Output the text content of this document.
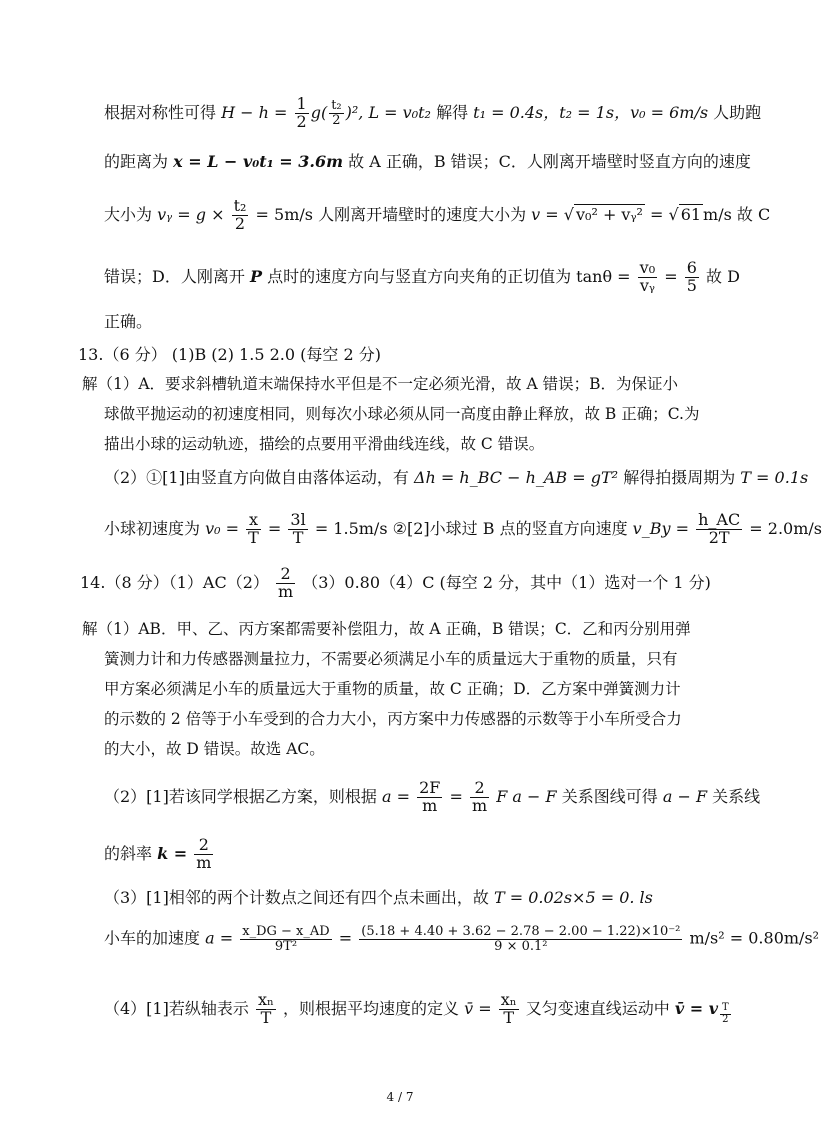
根据对称性可得 $H - h = \frac{1}{2} g( \frac{\text{t₂}}{2} )^2$, L = v₀t₂ 解得 t₁ = 0.4s，t₂ = 1s，v₀ = 6m/s 人助跑
的距离为 x = L − v₀t₁ = 3.6m 故 A 正确，B 错误；C．人刚离开墙壁时竖直方向的速度
大小为 vᵧ = $g \times \frac{\text{t₂}}{2} = 5m/s$ 人刚离开墙壁时的速度大小为 v = √ v₀² + vᵧ² = √ 61 m/s 故 C
错误；D．人刚离开 P 点时的速度方向与竖直方向夹角的正切值为 $\tan\theta = \frac{\text{v₀}}{\text{vᵧ}} = \frac{6}{5}$ 故 D
正确。
13.（6 分） (1)B (2) 1.5 2.0 (每空 2 分)
解（1）A．要求斜槽轨道末端保持水平但是不一定必须光滑，故 A 错误；B．为保证小
球做平抛运动的初速度相同，则每次小球必须从同一高度由静止释放，故 B 正确；C.为
描出小球的运动轨迹，描绘的点要用平滑曲线连线，故 C 错误。
（2）①[1]由竖直方向做自由落体运动，有 Δh = h_BC − h_AB = gT² 解得拍摄周期为 T = 0.1s
小球初速度为 $v_0 = \frac{x}{T} = \frac{3l}{T} = 1.5m/s$ ②[2]小球过 B 点的竖直方向速度 v_By = $\frac{h\_AC}{2T} = 2.0m/s$
14.（8 分）$(1)AC(2) \frac{2}{m} (3)0.80(4)C$ (每空 2 分，其中（1）选对一个 1 分)
解（1）AB．甲、乙、丙方案都需要补偿阻力，故 A 正确，B 错误；C．乙和丙分别用弹
簧测力计和力传感器测量拉力，不需要必须满足小车的质量远大于重物的质量，只有
甲方案必须满足小车的质量远大于重物的质量，故 C 正确；D．乙方案中弹簧测力计
的示数的 2 倍等于小车受到的合力大小，丙方案中力传感器的示数等于小车所受合力
的大小，故 D 错误。故选 AC。
（2）[1]若该同学根据乙方案，则根据 $a = \frac{2F}{m} = \frac{2}{m}$ F a − F 关系图线可得 a − F 关系线
的斜率 $k = \frac{2}{m}$
（3）[1]相邻的两个计数点之间还有四个点未画出，故 T = 0.02s×5 = 0. ls
小车的加速度 $a = \frac{x\_DG - x\_AD}{\text{9T²}} = \frac{\text{(5.18 + 4.40 + 3.62 − 2.78 − 2.00 − 1.22)×10⁻²}}{\text{9 × 0.1²}} m/s^2 = 0.80m/s^2$
（4）[1]若纵轴表示 $\frac{\text{xₙ}}{T}$ ，则根据平均速度的定义 v̄ = $\frac{\text{xₙ}}{T}$ 又匀变速直线运动中 v̄ = v $\frac{T}{2}$
4 / 7
